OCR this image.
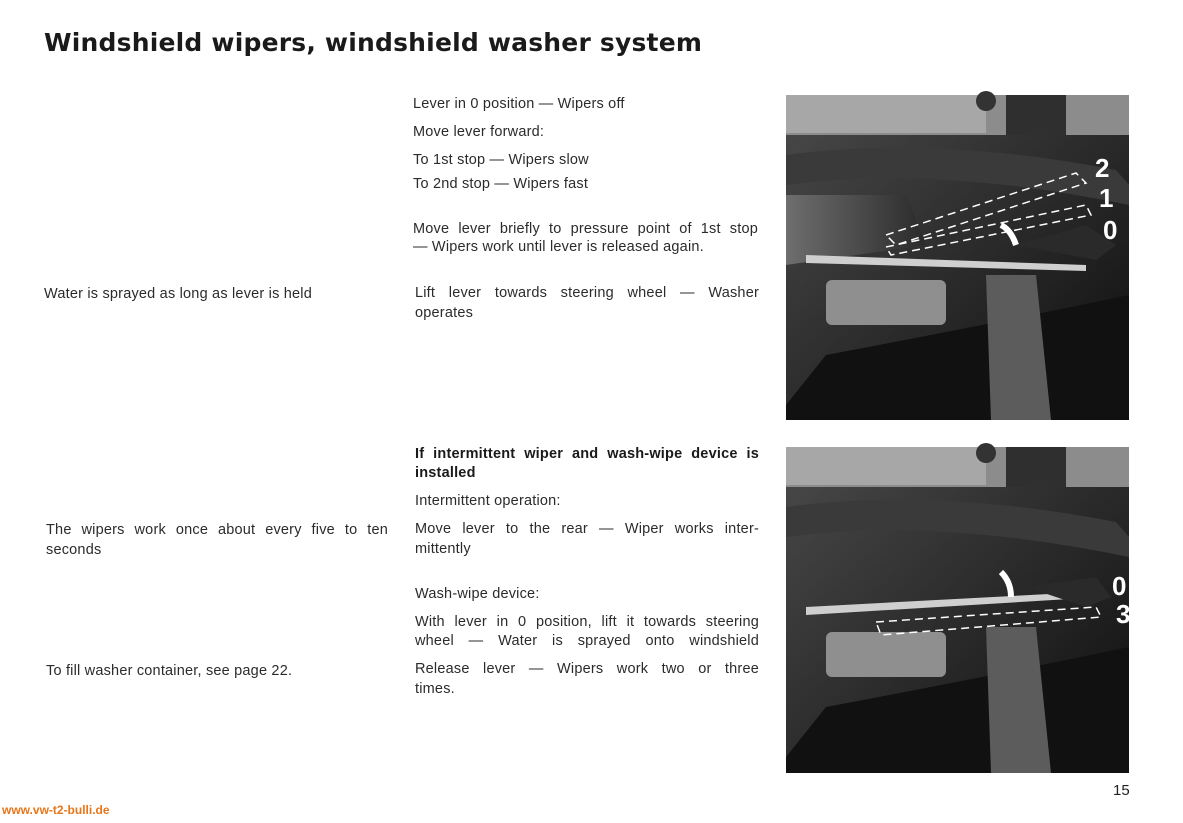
Windshield wipers, windshield washer system
Water is sprayed as long as lever is held
The wipers work once about every five to ten seconds
To fill washer container, see page 22.
Lever in 0 position — Wipers off
Move lever forward:
To 1st stop — Wipers slow
To 2nd stop — Wipers fast
Move lever briefly to pressure point of 1st stop
— Wipers work until lever is released again.
Lift lever towards steering wheel — Washer
operates
If intermittent wiper and wash-wipe device is
installed
Intermittent operation:
Move lever to the rear — Wiper works inter-
mittently
Wash-wipe device:
With lever in 0 position, lift it towards steering
wheel — Water is sprayed onto windshield
Release lever — Wipers work two or three
times.
2
1
0
0
3
15
www.vw-t2-bulli.de
